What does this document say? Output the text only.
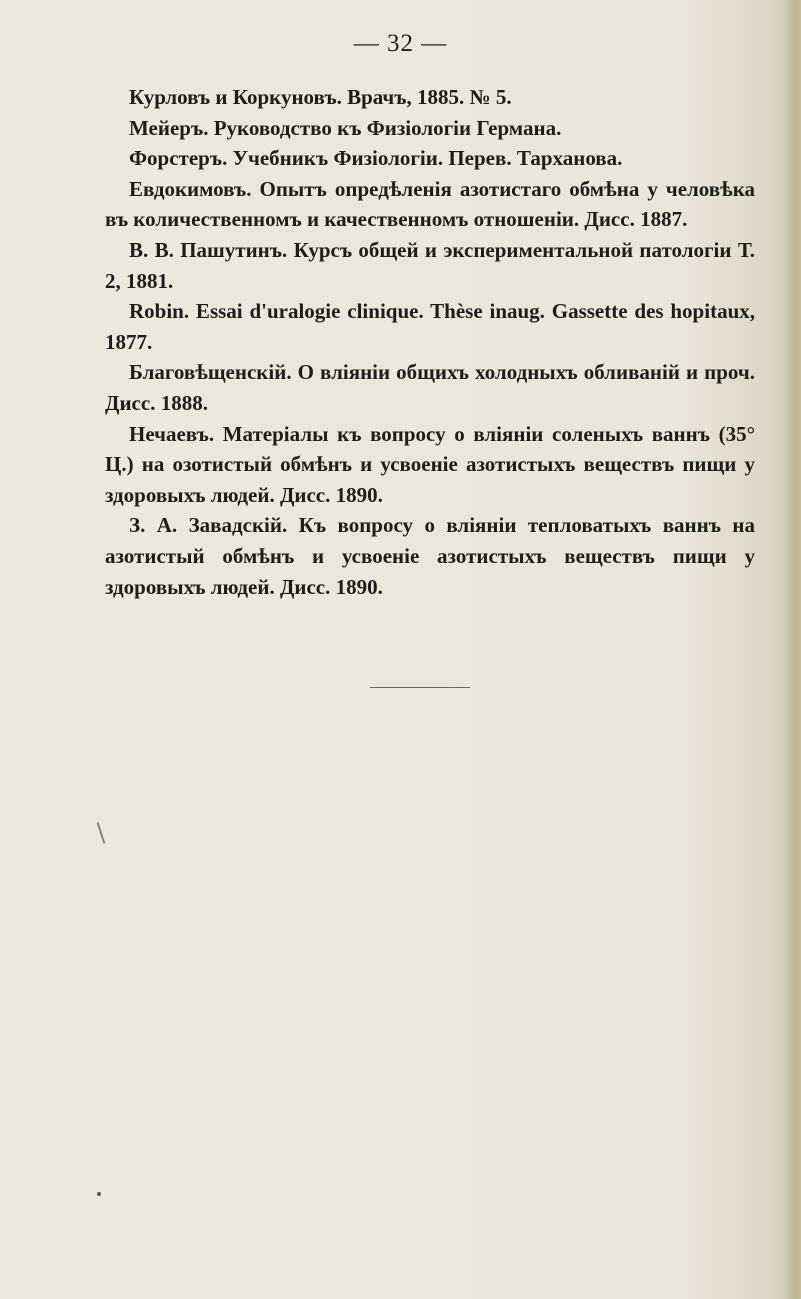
— 32 —

Курловъ и Коркуновъ. Врачъ, 1885. № 5.

Мейеръ. Руководство къ Физіологіи Германа.

Форстеръ. Учебникъ Физіологіи. Перев. Тарханова.

Евдокимовъ. Опытъ опредѣленія азотистаго обмѣна у человѣка въ количественномъ и качественномъ отношеніи. Дисс. 1887.

В. В. Пашутинъ. Курсъ общей и экспериментальной патологіи Т. 2, 1881.

Robin. Essai d'uralogie clinique. Thèse inaug. Gassette des hopitaux, 1877.

Благовѣщенскій. О вліяніи общихъ холодныхъ обливаній и проч. Дисс. 1888.

Нечаевъ. Матеріалы къ вопросу о вліяніи соленыхъ ваннъ (35° Ц.) на озотистый обмѣнъ и усвоеніе азотистыхъ веществъ пищи у здоровыхъ людей. Дисс. 1890.

З. А. Завадскій. Къ вопросу о вліяніи тепловатыхъ ваннъ на азотистый обмѣнъ и усвоеніе азотистыхъ веществъ пищи у здоровыхъ людей. Дисс. 1890.
